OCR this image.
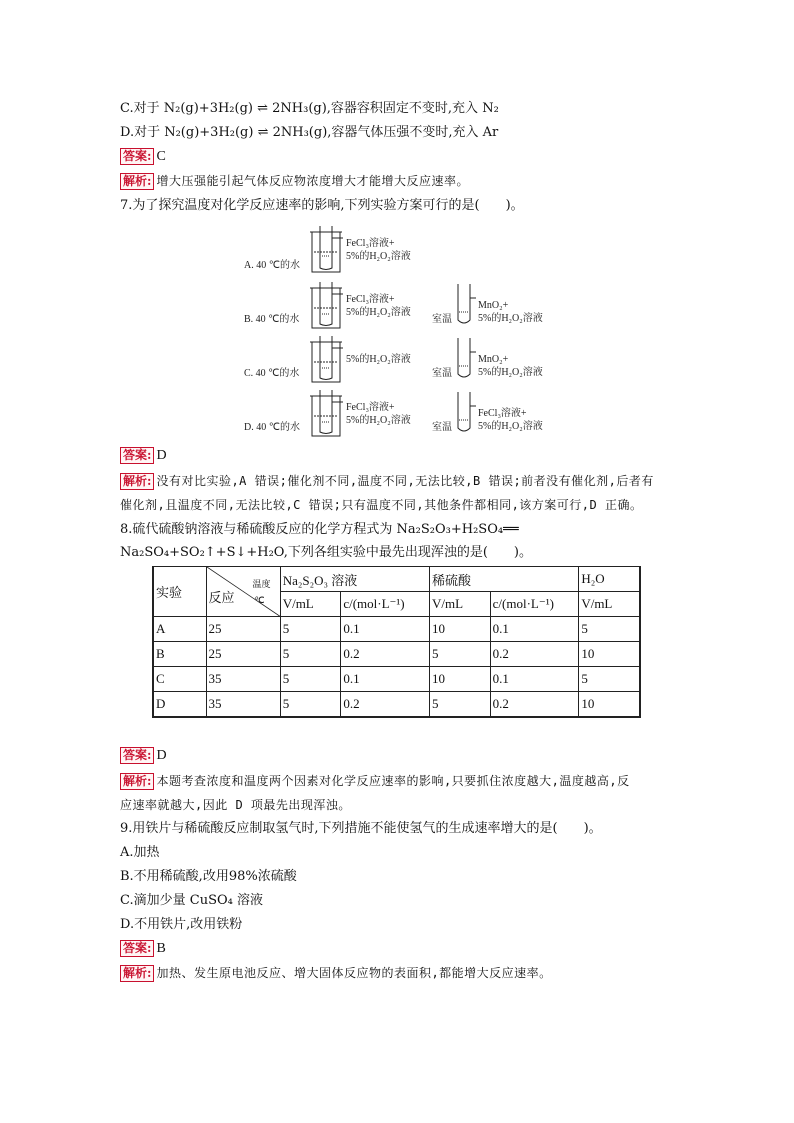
C.对于 N₂(g)+3H₂(g) ⇌ 2NH₃(g),容器容积固定不变时,充入 N₂
D.对于 N₂(g)+3H₂(g) ⇌ 2NH₃(g),容器气体压强不变时,充入 Ar
答案: C
解析: 增大压强能引起气体反应物浓度增大才能增大反应速率。
7.为了探究温度对化学反应速率的影响,下列实验方案可行的是(　　)。
A. 40 ℃的水
FeCl₃溶液+
5%的H₂O₂溶液
B. 40 ℃的水
FeCl₃溶液+
5%的H₂O₂溶液
室温
MnO₂+
5%的H₂O₂溶液
C. 40 ℃的水
5%的H₂O₂溶液
室温
MnO₂+
5%的H₂O₂溶液
D. 40 ℃的水
FeCl₃溶液+
5%的H₂O₂溶液
室温
FeCl₃溶液+
5%的H₂O₂溶液
答案: D
解析: 没有对比实验,A 错误;催化剂不同,温度不同,无法比较,B 错误;前者没有催化剂,后者有
催化剂,且温度不同,无法比较,C 错误;只有温度不同,其他条件都相同,该方案可行,D 正确。
8.硫代硫酸钠溶液与稀硫酸反应的化学方程式为 Na₂S₂O₃+H₂SO₄══
Na₂SO₄+SO₂↑+S↓+H₂O,下列各组实验中最先出现浑浊的是(　　)。
实验	反应
温度
℃	Na₂S₂O₃ 溶液		稀硫酸		H₂O
		V/mL	c/(mol·L⁻¹)	V/mL	c/(mol·L⁻¹)	V/mL
A	25	5	0.1	10	0.1	5
B	25	5	0.2	5	0.2	10
C	35	5	0.1	10	0.1	5
D	35	5	0.2	5	0.2	10
答案: D
解析: 本题考查浓度和温度两个因素对化学反应速率的影响,只要抓住浓度越大,温度越高,反
应速率就越大,因此 D 项最先出现浑浊。
9.用铁片与稀硫酸反应制取氢气时,下列措施不能使氢气的生成速率增大的是(　　)。
A.加热
B.不用稀硫酸,改用98%浓硫酸
C.滴加少量 CuSO₄ 溶液
D.不用铁片,改用铁粉
答案: B
解析: 加热、发生原电池反应、增大固体反应物的表面积,都能增大反应速率。
